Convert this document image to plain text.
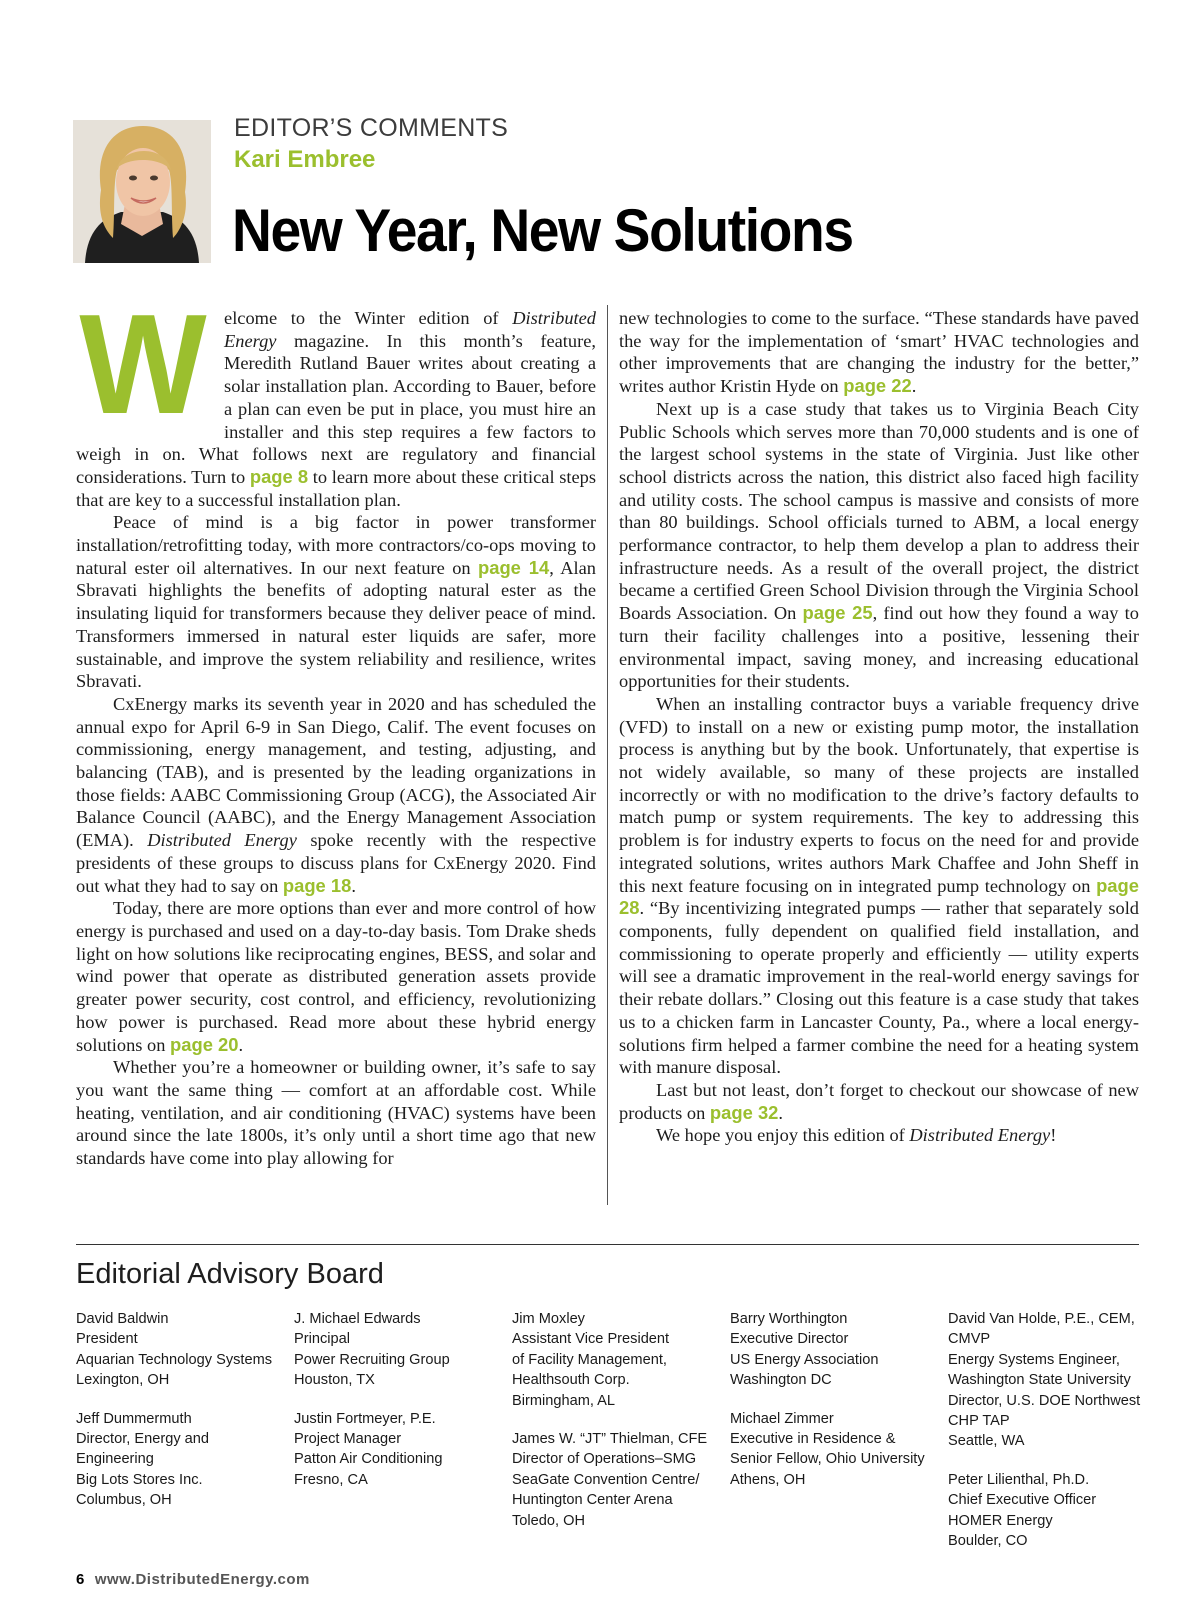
EDITOR’S COMMENTS
Kari Embree
New Year, New Solutions

Welcome to the Winter edition of Distributed Energy magazine. In this month’s feature, Meredith Rutland Bauer writes about creating a solar installation plan. According to Bauer, before a plan can even be put in place, you must hire an installer and this step requires a few factors to weigh in on. What follows next are regulatory and financial considerations. Turn to page 8 to learn more about these critical steps that are key to a successful installation plan.

Peace of mind is a big factor in power transformer installation/retrofitting today, with more contractors/co-ops moving to natural ester oil alternatives. In our next feature on page 14, Alan Sbravati highlights the benefits of adopting natural ester as the insulating liquid for transformers because they deliver peace of mind. Transformers immersed in natural ester liquids are safer, more sustainable, and improve the system reliability and resilience, writes Sbravati.

CxEnergy marks its seventh year in 2020 and has scheduled the annual expo for April 6-9 in San Diego, Calif. The event focuses on commissioning, energy management, and testing, adjusting, and balancing (TAB), and is presented by the leading organizations in those fields: AABC Commissioning Group (ACG), the Associated Air Balance Council (AABC), and the Energy Management Association (EMA). Distributed Energy spoke recently with the respective presidents of these groups to discuss plans for CxEnergy 2020. Find out what they had to say on page 18.

Today, there are more options than ever and more control of how energy is purchased and used on a day-to-day basis. Tom Drake sheds light on how solutions like reciprocating engines, BESS, and solar and wind power that operate as distributed generation assets provide greater power security, cost control, and efficiency, revolutionizing how power is purchased. Read more about these hybrid energy solutions on page 20.

Whether you’re a homeowner or building owner, it’s safe to say you want the same thing — comfort at an affordable cost. While heating, ventilation, and air conditioning (HVAC) systems have been around since the late 1800s, it’s only until a short time ago that new standards have come into play allowing for

new technologies to come to the surface. “These standards have paved the way for the implementation of ‘smart’ HVAC technologies and other improvements that are changing the industry for the better,” writes author Kristin Hyde on page 22.

Next up is a case study that takes us to Virginia Beach City Public Schools which serves more than 70,000 students and is one of the largest school systems in the state of Virginia. Just like other school districts across the nation, this district also faced high facility and utility costs. The school campus is massive and consists of more than 80 buildings. School officials turned to ABM, a local energy performance contractor, to help them develop a plan to address their infrastructure needs. As a result of the overall project, the district became a certified Green School Division through the Virginia School Boards Association. On page 25, find out how they found a way to turn their facility challenges into a positive, lessening their environmental impact, saving money, and increasing educational opportunities for their students.

When an installing contractor buys a variable frequency drive (VFD) to install on a new or existing pump motor, the installation process is anything but by the book. Unfortunately, that expertise is not widely available, so many of these projects are installed incorrectly or with no modification to the drive’s factory defaults to match pump or system requirements. The key to addressing this problem is for industry experts to focus on the need for and provide integrated solutions, writes authors Mark Chaffee and John Sheff in this next feature focusing on in integrated pump technology on page 28. “By incentivizing integrated pumps — rather that separately sold components, fully dependent on qualified field installation, and commissioning to operate properly and efficiently — utility experts will see a dramatic improvement in the real-world energy savings for their rebate dollars.” Closing out this feature is a case study that takes us to a chicken farm in Lancaster County, Pa., where a local energy-solutions firm helped a farmer combine the need for a heating system with manure disposal.

Last but not least, don’t forget to checkout our showcase of new products on page 32.

We hope you enjoy this edition of Distributed Energy!

Editorial Advisory Board
David Baldwin
President
Aquarian Technology Systems
Lexington, OH
Jeff Dummermuth
Director, Energy and
Engineering
Big Lots Stores Inc.
Columbus, OH
J. Michael Edwards
Principal
Power Recruiting Group
Houston, TX
Justin Fortmeyer, P.E.
Project Manager
Patton Air Conditioning
Fresno, CA
Jim Moxley
Assistant Vice President
of Facility Management,
Healthsouth Corp.
Birmingham, AL
James W. “JT” Thielman, CFE
Director of Operations–SMG
SeaGate Convention Centre/
Huntington Center Arena
Toledo, OH
Barry Worthington
Executive Director
US Energy Association
Washington DC
Michael Zimmer
Executive in Residence &
Senior Fellow, Ohio University
Athens, OH
David Van Holde, P.E., CEM,
CMVP
Energy Systems Engineer,
Washington State University
Director, U.S. DOE Northwest
CHP TAP
Seattle, WA
Peter Lilienthal, Ph.D.
Chief Executive Officer
HOMER Energy
Boulder, CO
6 www.DistributedEnergy.com
